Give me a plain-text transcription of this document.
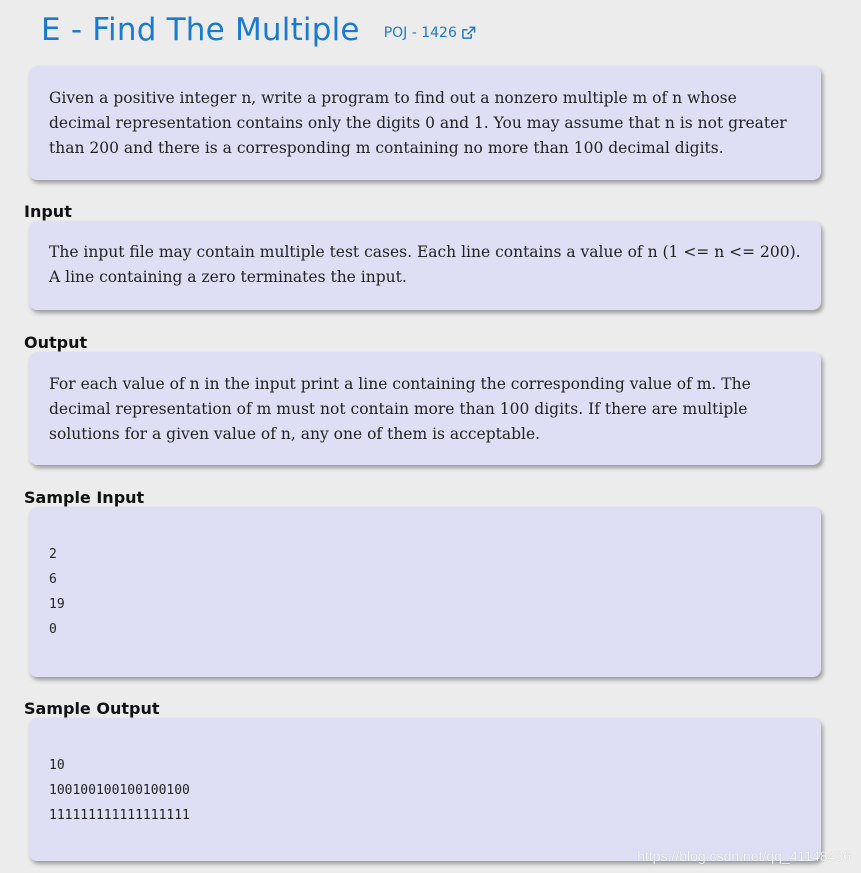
E - Find The Multiple POJ - 1426

Given a positive integer n, write a program to find out a nonzero multiple m of n whose decimal representation contains only the digits 0 and 1. You may assume that n is not greater than 200 and there is a corresponding m containing no more than 100 decimal digits.

Input

The input file may contain multiple test cases. Each line contains a value of n (1 <= n <= 200). A line containing a zero terminates the input.

Output

For each value of n in the input print a line containing the corresponding value of m. The decimal representation of m must not contain more than 100 digits. If there are multiple solutions for a given value of n, any one of them is acceptable.

Sample Input
2
6
19
0
Sample Output
10
100100100100100100
111111111111111111
https://blog.csdn.net/qq_41148436
